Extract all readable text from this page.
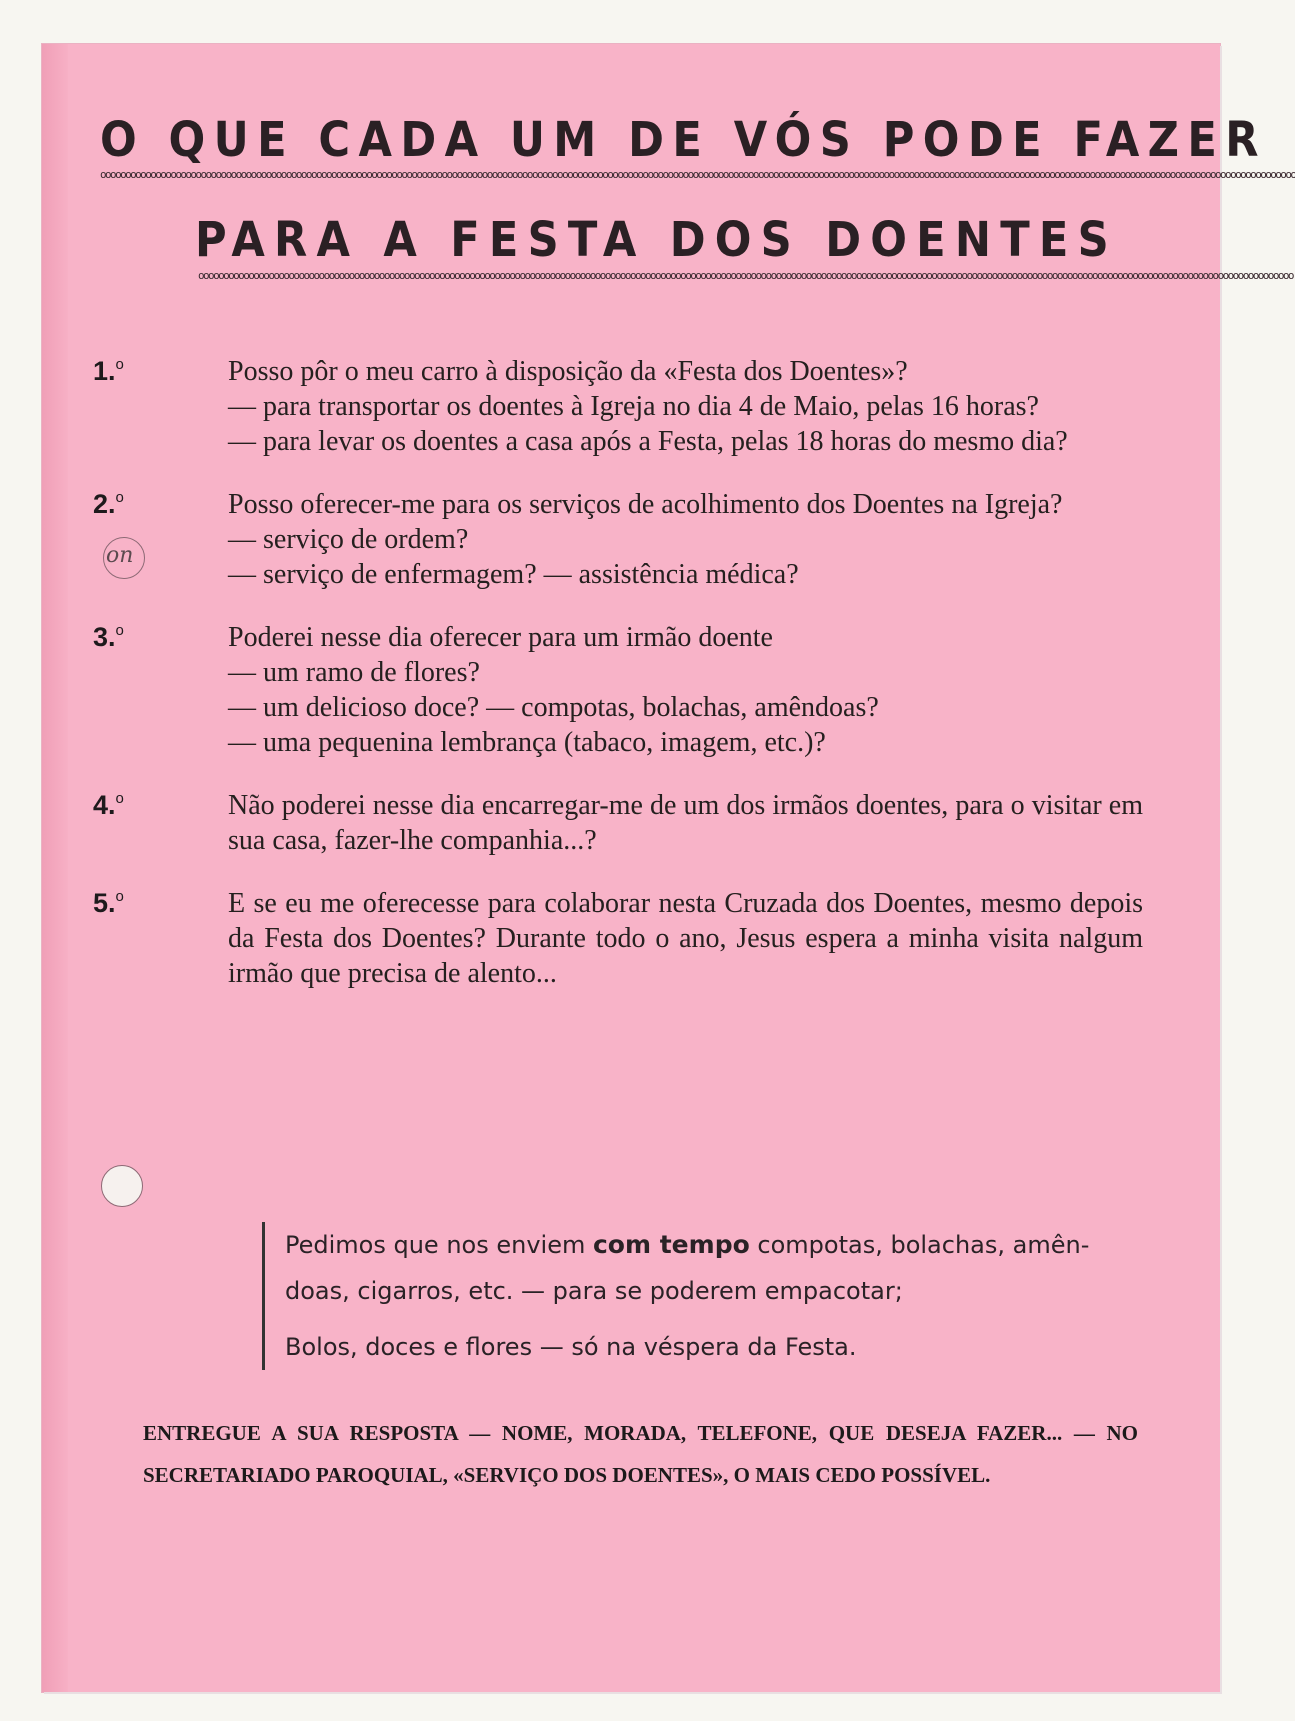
O QUE CADA UM DE VÓS PODE FAZER
oooooooooooooooooooooooooooooooooooooooooooooooooooooooooooooooooooooooooooooooooooooooooooooooooooooooooooooooooooooooooooooooooooooooooooooooooooooooooooooooooooooooooooooooooooooooooooooooooooooooooooooooooooooooooooooooooooooooooooooo
PARA A FESTA DOS DOENTES
oooooooooooooooooooooooooooooooooooooooooooooooooooooooooooooooooooooooooooooooooooooooooooooooooooooooooooooooooooooooooooooooooooooooooooooooooooooooooooooooooooooooooooooooooooooooooooooooooooooooooooooooooooooooooo
on
1.$^o$	Posso pôr o meu carro à disposição da «Festa dos Doentes»?
— para transportar os doentes à Igreja no dia 4 de Maio, pelas 16 horas?
— para levar os doentes a casa após a Festa, pelas 18 horas do mesmo dia?
2.$^o$	Posso oferecer-me para os serviços de acolhimento dos Doentes na Igreja?
— serviço de ordem?
— serviço de enfermagem? — assistência médica?
3.$^o$	Poderei nesse dia oferecer para um irmão doente
— um ramo de flores?
— um delicioso doce? — compotas, bolachas, amêndoas?
— uma pequenina lembrança (tabaco, imagem, etc.)?
4.$^o$	Não poderei nesse dia encarregar-me de um dos irmãos doentes, para o visitar em sua casa, fazer-lhe companhia...?
5.$^o$	E se eu me oferecesse para colaborar nesta Cruzada dos Doentes, mesmo depois da Festa dos Doentes? Durante todo o ano, Jesus espera a minha visita nalgum irmão que precisa de alento...
Pedimos que nos enviem com tempo compotas, bolachas, amên-
doas, cigarros, etc. — para se poderem empacotar;
Bolos, doces e flores — só na véspera da Festa.
ENTREGUE A SUA RESPOSTA — NOME, MORADA, TELEFONE, QUE DESEJA FAZER... — NO SECRETARIADO PAROQUIAL, «SERVIÇO DOS DOENTES», O MAIS CEDO POSSÍVEL.
